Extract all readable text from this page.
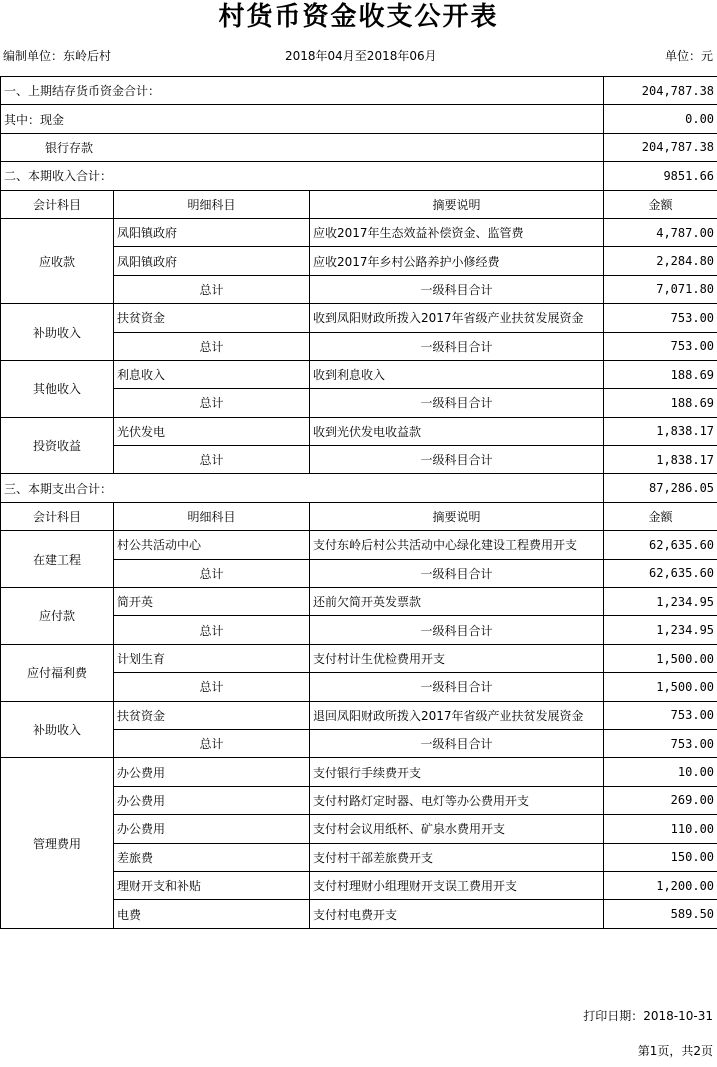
村货币资金收支公开表
编制单位：东岭后村	2018年04月至2018年06月	单位：元
一、上期结存货币资金合计：			204,787.38
其中：现金			0.00
银行存款			204,787.38
二、本期收入合计：			9851.66
会计科目	明细科目	摘要说明	金额
应收款	凤阳镇政府	应收2017年生态效益补偿资金、监管费	4,787.00
	凤阳镇政府	应收2017年乡村公路养护小修经费	2,284.80
	总计	一级科目合计	7,071.80
补助收入	扶贫资金	收到凤阳财政所拨入2017年省级产业扶贫发展资金	753.00
	总计	一级科目合计	753.00
其他收入	利息收入	收到利息收入	188.69
	总计	一级科目合计	188.69
投资收益	光伏发电	收到光伏发电收益款	1,838.17
	总计	一级科目合计	1,838.17
三、本期支出合计：			87,286.05
会计科目	明细科目	摘要说明	金额
在建工程	村公共活动中心	支付东岭后村公共活动中心绿化建设工程费用开支	62,635.60
	总计	一级科目合计	62,635.60
应付款	简开英	还前欠简开英发票款	1,234.95
	总计	一级科目合计	1,234.95
应付福利费	计划生育	支付村计生优检费用开支	1,500.00
	总计	一级科目合计	1,500.00
补助收入	扶贫资金	退回凤阳财政所拨入2017年省级产业扶贫发展资金	753.00
	总计	一级科目合计	753.00
管理费用	办公费用	支付银行手续费开支	10.00
	办公费用	支付村路灯定时器、电灯等办公费用开支	269.00
	办公费用	支付村会议用纸杯、矿泉水费用开支	110.00
	差旅费	支付村干部差旅费开支	150.00
	理财开支和补贴	支付村理财小组理财开支误工费用开支	1,200.00
	电费	支付村电费开支	589.50
打印日期：2018-10-31
第1页，共2页
